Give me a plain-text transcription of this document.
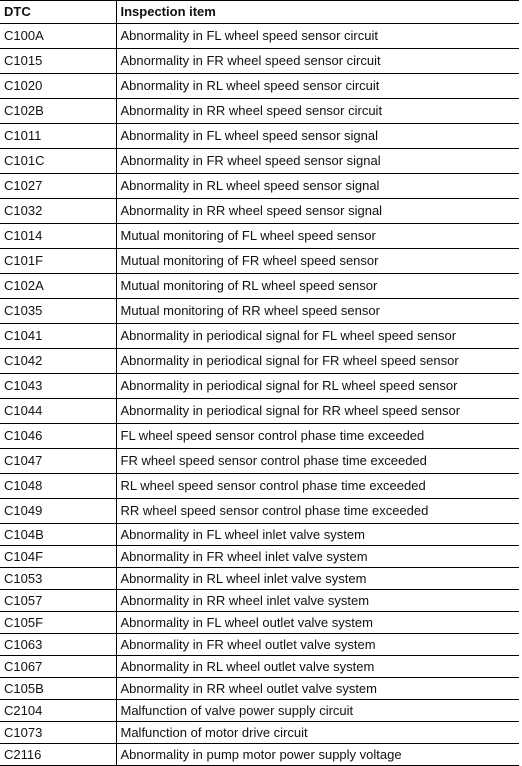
DTC	Inspection item
C100A	Abnormality in FL wheel speed sensor circuit
C1015	Abnormality in FR wheel speed sensor circuit
C1020	Abnormality in RL wheel speed sensor circuit
C102B	Abnormality in RR wheel speed sensor circuit
C1011	Abnormality in FL wheel speed sensor signal
C101C	Abnormality in FR wheel speed sensor signal
C1027	Abnormality in RL wheel speed sensor signal
C1032	Abnormality in RR wheel speed sensor signal
C1014	Mutual monitoring of FL wheel speed sensor
C101F	Mutual monitoring of FR wheel speed sensor
C102A	Mutual monitoring of RL wheel speed sensor
C1035	Mutual monitoring of RR wheel speed sensor
C1041	Abnormality in periodical signal for FL wheel speed sensor
C1042	Abnormality in periodical signal for FR wheel speed sensor
C1043	Abnormality in periodical signal for RL wheel speed sensor
C1044	Abnormality in periodical signal for RR wheel speed sensor
C1046	FL wheel speed sensor control phase time exceeded
C1047	FR wheel speed sensor control phase time exceeded
C1048	RL wheel speed sensor control phase time exceeded
C1049	RR wheel speed sensor control phase time exceeded
C104B	Abnormality in FL wheel inlet valve system
C104F	Abnormality in FR wheel inlet valve system
C1053	Abnormality in RL wheel inlet valve system
C1057	Abnormality in RR wheel inlet valve system
C105F	Abnormality in FL wheel outlet valve system
C1063	Abnormality in FR wheel outlet valve system
C1067	Abnormality in RL wheel outlet valve system
C105B	Abnormality in RR wheel outlet valve system
C2104	Malfunction of valve power supply circuit
C1073	Malfunction of motor drive circuit
C2116	Abnormality in pump motor power supply voltage
